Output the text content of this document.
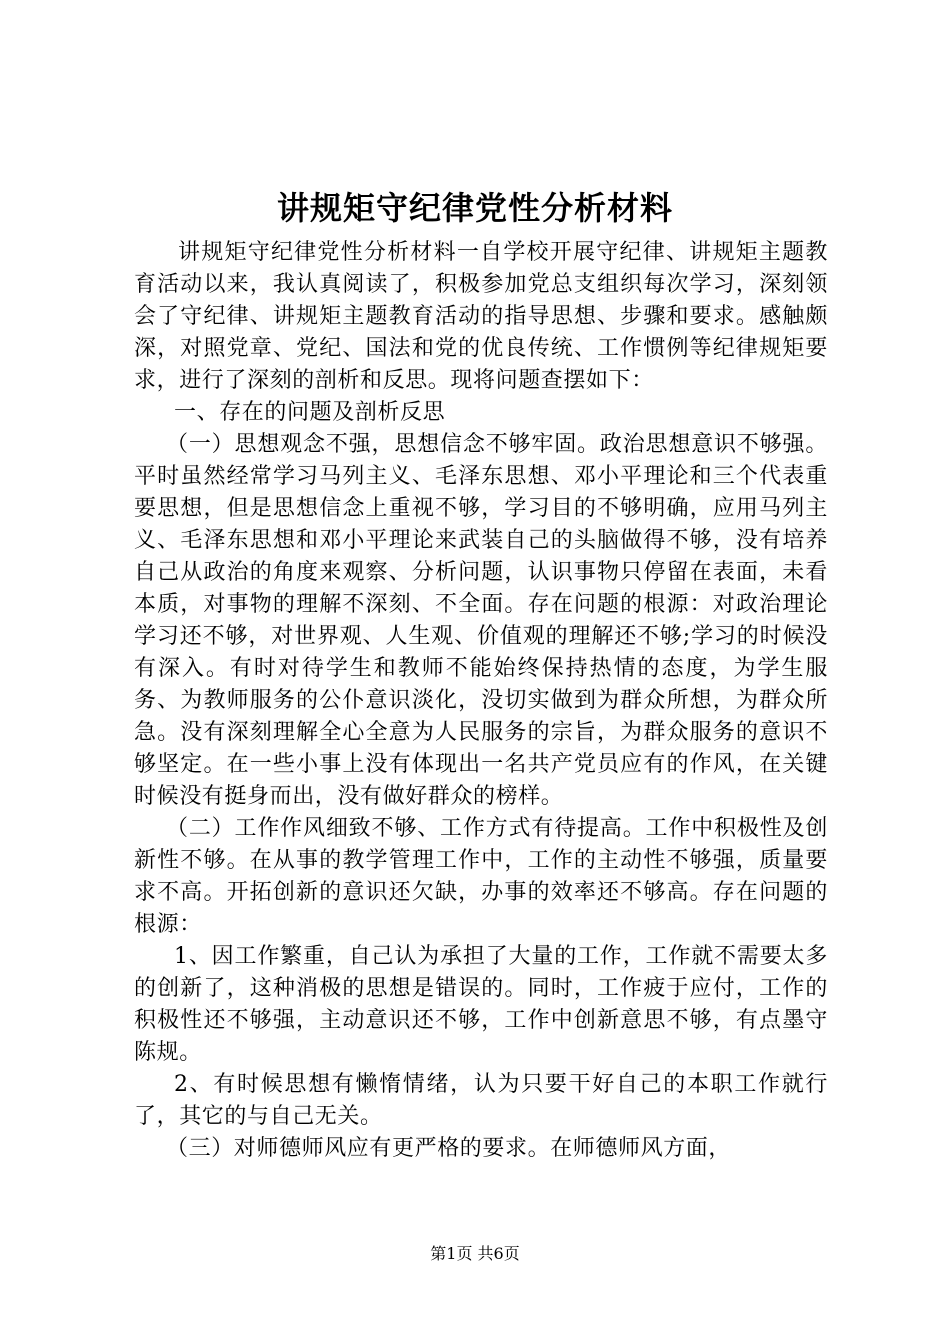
讲规矩守纪律党性分析材料

讲规矩守纪律党性分析材料一自学校开展守纪律、讲规矩主题教育活动以来，我认真阅读了，积极参加党总支组织每次学习，深刻领会了守纪律、讲规矩主题教育活动的指导思想、步骤和要求。感触颇深，对照党章、党纪、国法和党的优良传统、工作惯例等纪律规矩要求，进行了深刻的剖析和反思。现将问题查摆如下：

一、存在的问题及剖析反思

（一）思想观念不强，思想信念不够牢固。政治思想意识不够强。平时虽然经常学习马列主义、毛泽东思想、邓小平理论和三个代表重要思想，但是思想信念上重视不够，学习目的不够明确，应用马列主义、毛泽东思想和邓小平理论来武装自己的头脑做得不够，没有培养自己从政治的角度来观察、分析问题，认识事物只停留在表面，未看本质，对事物的理解不深刻、不全面。存在问题的根源：对政治理论学习还不够，对世界观、人生观、价值观的理解还不够;学习的时候没有深入。有时对待学生和教师不能始终保持热情的态度，为学生服务、为教师服务的公仆意识淡化，没切实做到为群众所想，为群众所急。没有深刻理解全心全意为人民服务的宗旨，为群众服务的意识不够坚定。在一些小事上没有体现出一名共产党员应有的作风，在关键时候没有挺身而出，没有做好群众的榜样。

（二）工作作风细致不够、工作方式有待提高。工作中积极性及创新性不够。在从事的教学管理工作中，工作的主动性不够强，质量要求不高。开拓创新的意识还欠缺，办事的效率还不够高。存在问题的根源：

1、因工作繁重，自己认为承担了大量的工作，工作就不需要太多的创新了，这种消极的思想是错误的。同时，工作疲于应付，工作的积极性还不够强，主动意识还不够，工作中创新意思不够，有点墨守陈规。

2、有时候思想有懒惰情绪，认为只要干好自己的本职工作就行了，其它的与自己无关。

（三）对师德师风应有更严格的要求。在师德师风方面，

第1页 共6页
